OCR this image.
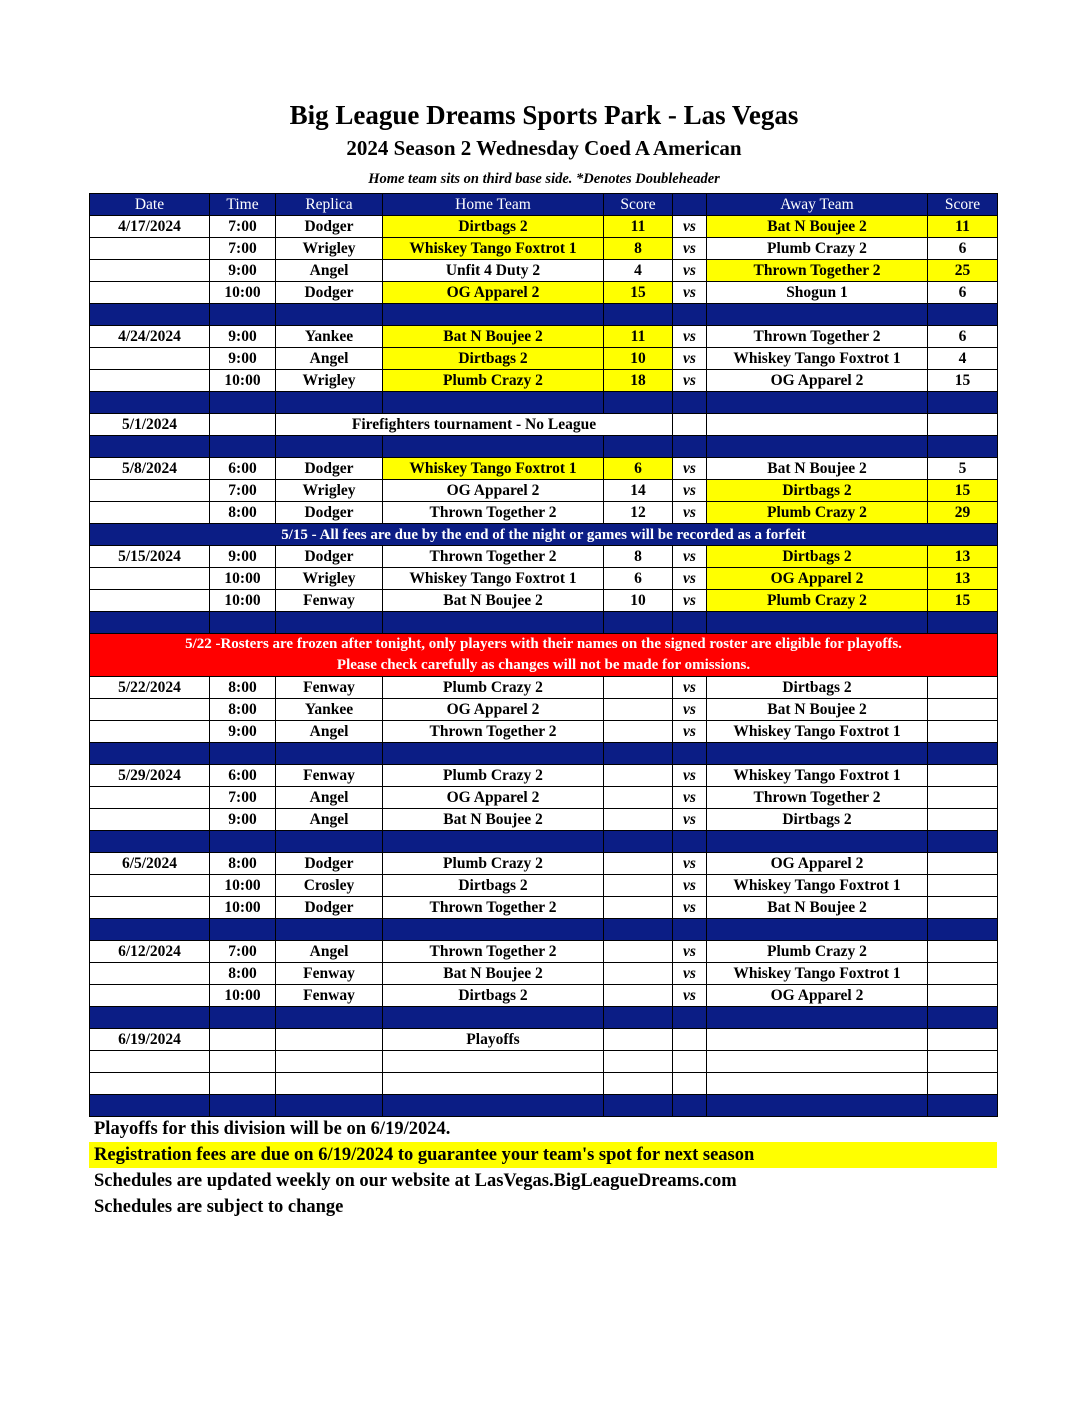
Big League Dreams Sports Park - Las Vegas
2024 Season 2 Wednesday Coed A American
Home team sits on third base side. *Denotes Doubleheader
Date	Time	Replica	Home Team	Score		Away Team	Score
4/17/2024	7:00	Dodger	Dirtbags 2	11	vs	Bat N Boujee 2	11
	7:00	Wrigley	Whiskey Tango Foxtrot 1	8	vs	Plumb Crazy 2	6
	9:00	Angel	Unfit 4 Duty 2	4	vs	Thrown Together 2	25
	10:00	Dodger	OG Apparel 2	15	vs	Shogun 1	6

4/24/2024	9:00	Yankee	Bat N Boujee 2	11	vs	Thrown Together 2	6
	9:00	Angel	Dirtbags 2	10	vs	Whiskey Tango Foxtrot 1	4
	10:00	Wrigley	Plumb Crazy 2	18	vs	OG Apparel 2	15

5/1/2024		Firefighters tournament - No League					

5/8/2024	6:00	Dodger	Whiskey Tango Foxtrot 1	6	vs	Bat N Boujee 2	5
	7:00	Wrigley	OG Apparel 2	14	vs	Dirtbags 2	15
	8:00	Dodger	Thrown Together 2	12	vs	Plumb Crazy 2	29
5/15 - All fees are due by the end of the night or games will be recorded as a forfeit							
5/15/2024	9:00	Dodger	Thrown Together 2	8	vs	Dirtbags 2	13
	10:00	Wrigley	Whiskey Tango Foxtrot 1	6	vs	OG Apparel 2	13
	10:00	Fenway	Bat N Boujee 2	10	vs	Plumb Crazy 2	15

5/22 -Rosters are frozen after tonight, only players with their names on the signed roster are eligible for playoffs.
Please check carefully as changes will not be made for omissions.							

5/22/2024	8:00	Fenway	Plumb Crazy 2		vs	Dirtbags 2	
	8:00	Yankee	OG Apparel 2		vs	Bat N Boujee 2	
	9:00	Angel	Thrown Together 2		vs	Whiskey Tango Foxtrot 1	

5/29/2024	6:00	Fenway	Plumb Crazy 2		vs	Whiskey Tango Foxtrot 1	
	7:00	Angel	OG Apparel 2		vs	Thrown Together 2	
	9:00	Angel	Bat N Boujee 2		vs	Dirtbags 2	

6/5/2024	8:00	Dodger	Plumb Crazy 2		vs	OG Apparel 2	
	10:00	Crosley	Dirtbags 2		vs	Whiskey Tango Foxtrot 1	
	10:00	Dodger	Thrown Together 2		vs	Bat N Boujee 2	

6/12/2024	7:00	Angel	Thrown Together 2		vs	Plumb Crazy 2	
	8:00	Fenway	Bat N Boujee 2		vs	Whiskey Tango Foxtrot 1	
	10:00	Fenway	Dirtbags 2		vs	OG Apparel 2	

6/19/2024			Playoffs				

Playoffs for this division will be on 6/19/2024.
Registration fees are due on 6/19/2024 to guarantee your team's spot for next season
Schedules are updated weekly on our website at LasVegas.BigLeagueDreams.com
Schedules are subject to change
